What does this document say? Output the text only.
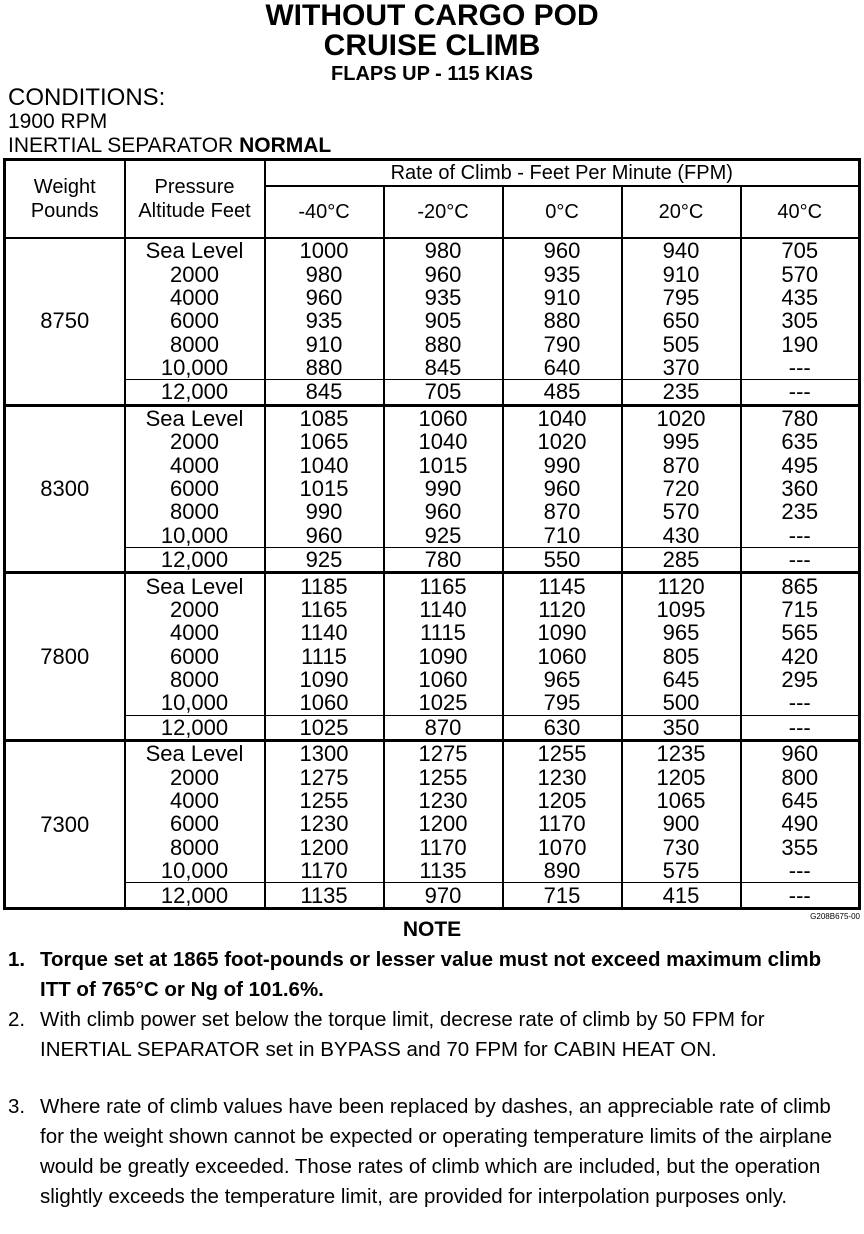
WITHOUT CARGO POD
CRUISE CLIMB
FLAPS UP - 115 KIAS
CONDITIONS:
1900 RPM
INERTIAL SEPARATOR NORMAL
Weight Pounds	Pressure Altitude Feet	Rate of Climb - Feet Per Minute (FPM)				
		-40°C	-20°C	0°C	20°C	40°C
8750	Sea Level	1000	980	960	940	705
	2000	980	960	935	910	570
	4000	960	935	910	795	435
	6000	935	905	880	650	305
	8000	910	880	790	505	190
	10,000	880	845	640	370	---
	12,000	845	705	485	235	---
8300	Sea Level	1085	1060	1040	1020	780
	2000	1065	1040	1020	995	635
	4000	1040	1015	990	870	495
	6000	1015	990	960	720	360
	8000	990	960	870	570	235
	10,000	960	925	710	430	---
	12,000	925	780	550	285	---
7800	Sea Level	1185	1165	1145	1120	865
	2000	1165	1140	1120	1095	715
	4000	1140	1115	1090	965	565
	6000	1115	1090	1060	805	420
	8000	1090	1060	965	645	295
	10,000	1060	1025	795	500	---
	12,000	1025	870	630	350	---
7300	Sea Level	1300	1275	1255	1235	960
	2000	1275	1255	1230	1205	800
	4000	1255	1230	1205	1065	645
	6000	1230	1200	1170	900	490
	8000	1200	1170	1070	730	355
	10,000	1170	1135	890	575	---
	12,000	1135	970	715	415	---
G208B675-00
NOTE
1. Torque set at 1865 foot-pounds or lesser value must not exceed maximum climb ITT of 765°C or Ng of 101.6%.
2. With climb power set below the torque limit, decrese rate of climb by 50 FPM for INERTIAL SEPARATOR set in BYPASS and 70 FPM for CABIN HEAT ON.
3. Where rate of climb values have been replaced by dashes, an appreciable rate of climb for the weight shown cannot be expected or operating temperature limits of the airplane would be greatly exceeded. Those rates of climb which are included, but the operation slightly exceeds the temperature limit, are provided for interpolation purposes only.
